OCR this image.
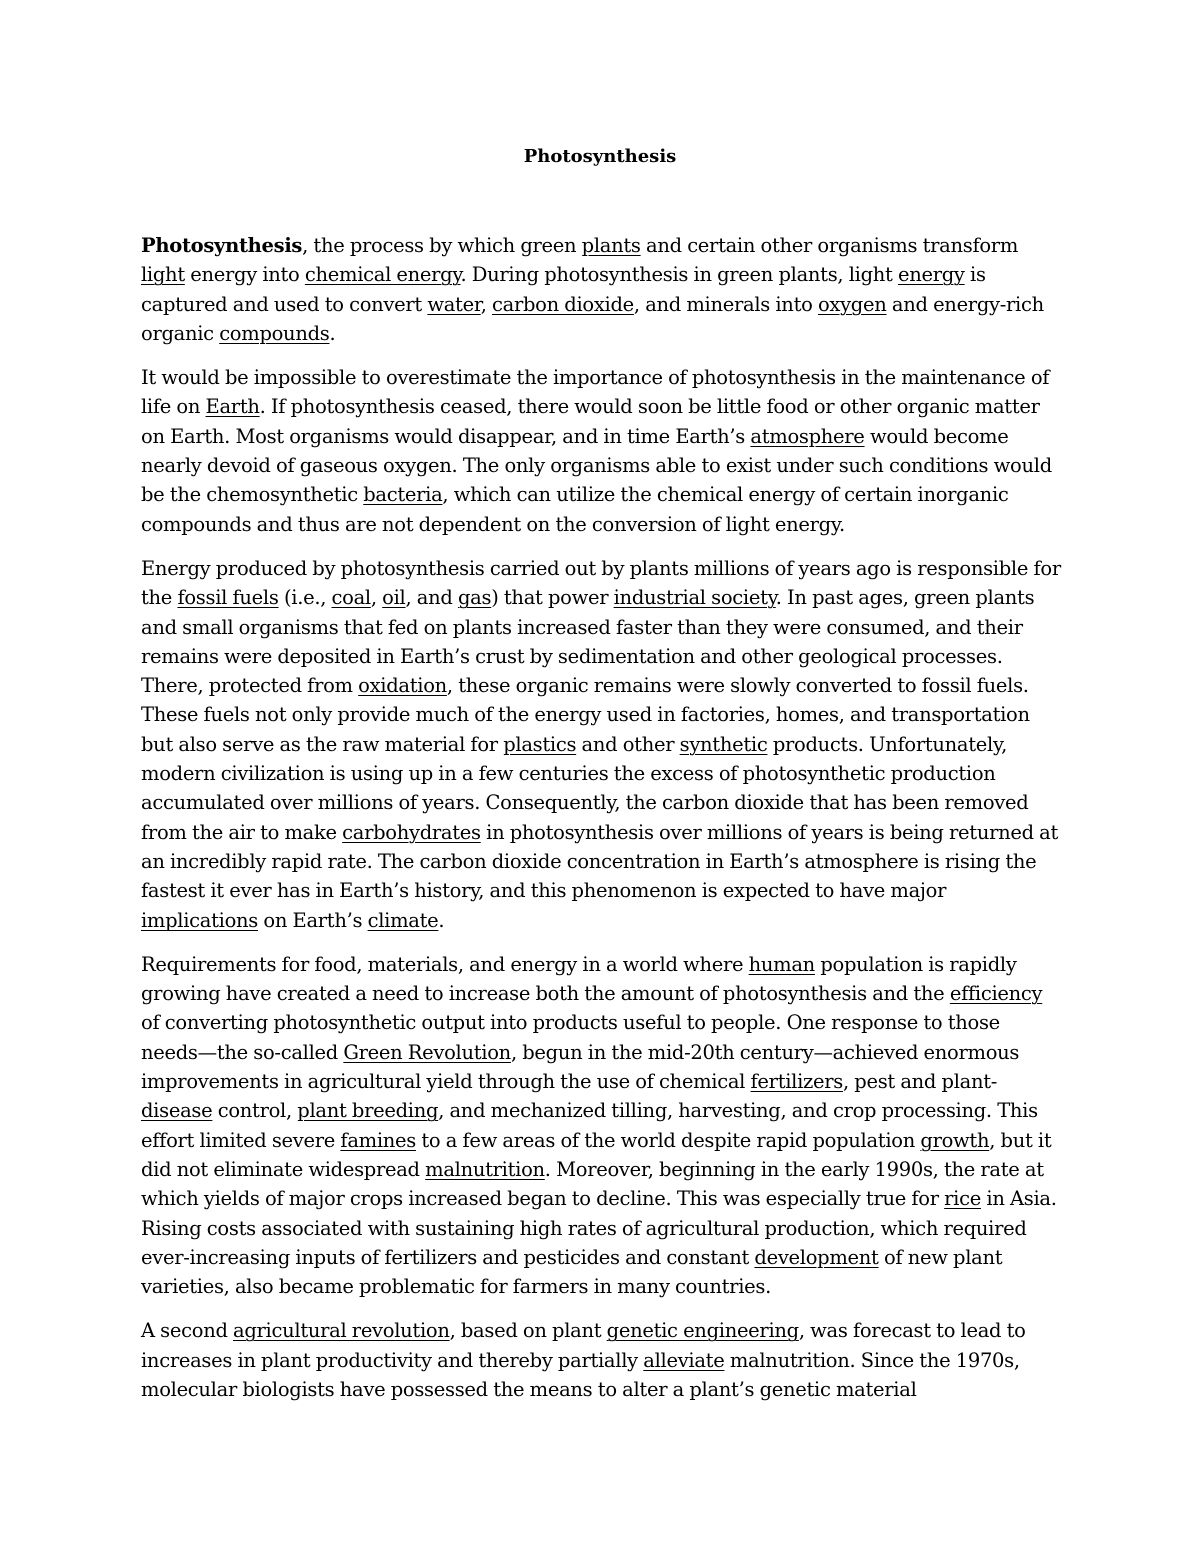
Photosynthesis

Photosynthesis, the process by which green plants and certain other organisms transform light energy into chemical energy. During photosynthesis in green plants, light energy is captured and used to convert water, carbon dioxide, and minerals into oxygen and energy-rich organic compounds.

It would be impossible to overestimate the importance of photosynthesis in the maintenance of life on Earth. If photosynthesis ceased, there would soon be little food or other organic matter on Earth. Most organisms would disappear, and in time Earth’s atmosphere would become nearly devoid of gaseous oxygen. The only organisms able to exist under such conditions would be the chemosynthetic bacteria, which can utilize the chemical energy of certain inorganic compounds and thus are not dependent on the conversion of light energy.

Energy produced by photosynthesis carried out by plants millions of years ago is responsible for the fossil fuels (i.e., coal, oil, and gas) that power industrial society. In past ages, green plants and small organisms that fed on plants increased faster than they were consumed, and their remains were deposited in Earth’s crust by sedimentation and other geological processes. There, protected from oxidation, these organic remains were slowly converted to fossil fuels. These fuels not only provide much of the energy used in factories, homes, and transportation but also serve as the raw material for plastics and other synthetic products. Unfortunately, modern civilization is using up in a few centuries the excess of photosynthetic production accumulated over millions of years. Consequently, the carbon dioxide that has been removed from the air to make carbohydrates in photosynthesis over millions of years is being returned at an incredibly rapid rate. The carbon dioxide concentration in Earth’s atmosphere is rising the fastest it ever has in Earth’s history, and this phenomenon is expected to have major implications on Earth’s climate.

Requirements for food, materials, and energy in a world where human population is rapidly growing have created a need to increase both the amount of photosynthesis and the efficiency of converting photosynthetic output into products useful to people. One response to those needs—the so-called Green Revolution, begun in the mid-20th century—achieved enormous improvements in agricultural yield through the use of chemical fertilizers, pest and plant-disease control, plant breeding, and mechanized tilling, harvesting, and crop processing. This effort limited severe famines to a few areas of the world despite rapid population growth, but it did not eliminate widespread malnutrition. Moreover, beginning in the early 1990s, the rate at which yields of major crops increased began to decline. This was especially true for rice in Asia. Rising costs associated with sustaining high rates of agricultural production, which required ever-increasing inputs of fertilizers and pesticides and constant development of new plant varieties, also became problematic for farmers in many countries.

A second agricultural revolution, based on plant genetic engineering, was forecast to lead to increases in plant productivity and thereby partially alleviate malnutrition. Since the 1970s, molecular biologists have possessed the means to alter a plant’s genetic material
